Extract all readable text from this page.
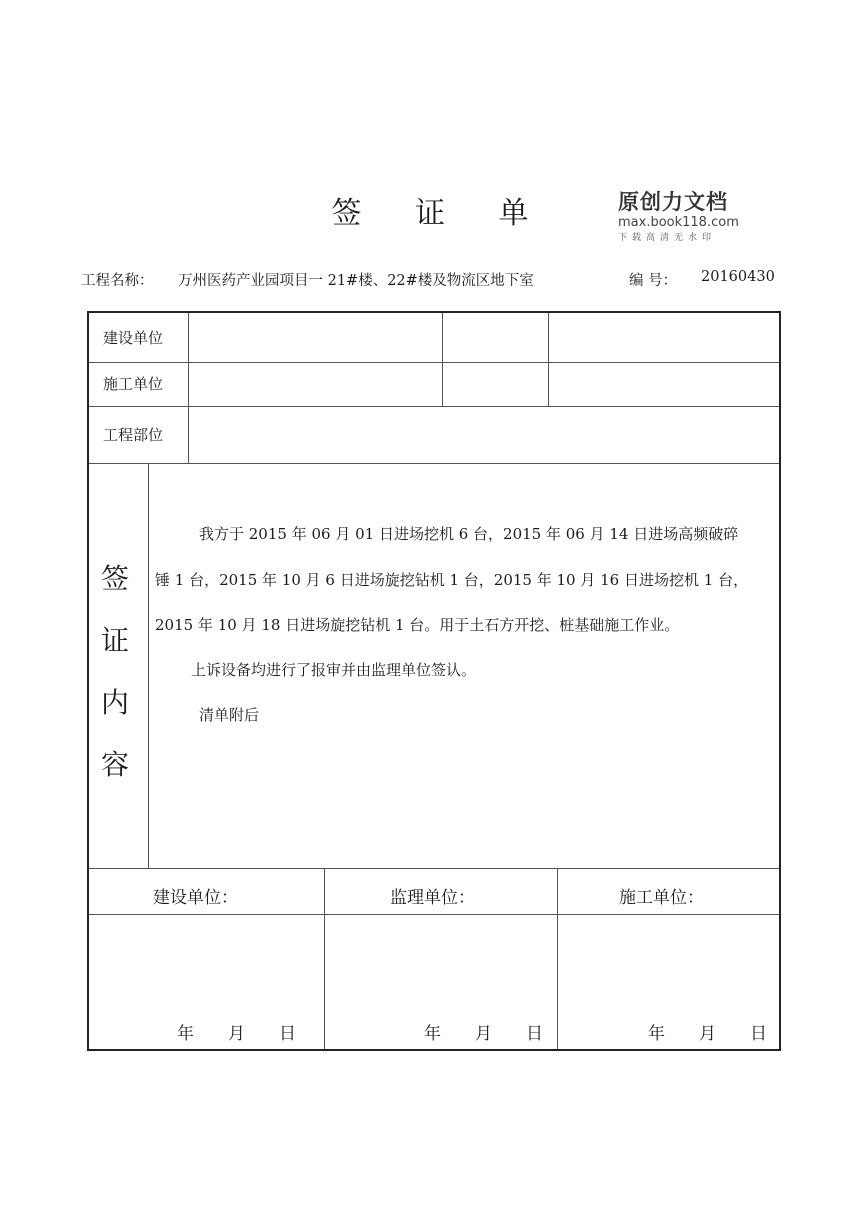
签 证 单	原创力文档
max.book118.com
下载高清无水印
工程名称： 万州医药产业园项目一 21#楼、22#楼及物流区地下室	编 号： 20160430
建设单位
施工单位
工程部位
签
证
内
容
我方于 2015 年 06 月 01 日进场挖机 6 台，2015 年 06 月 14 日进场高频破碎
锤 1 台，2015 年 10 月 6 日进场旋挖钻机 1 台，2015 年 10 月 16 日进场挖机 1 台，
2015 年 10 月 18 日进场旋挖钻机 1 台。用于土石方开挖、桩基础施工作业。
上诉设备均进行了报审并由监理单位签认。
清单附后
建设单位：	监理单位：	施工单位：
年 月 日	年 月 日	年 月 日
